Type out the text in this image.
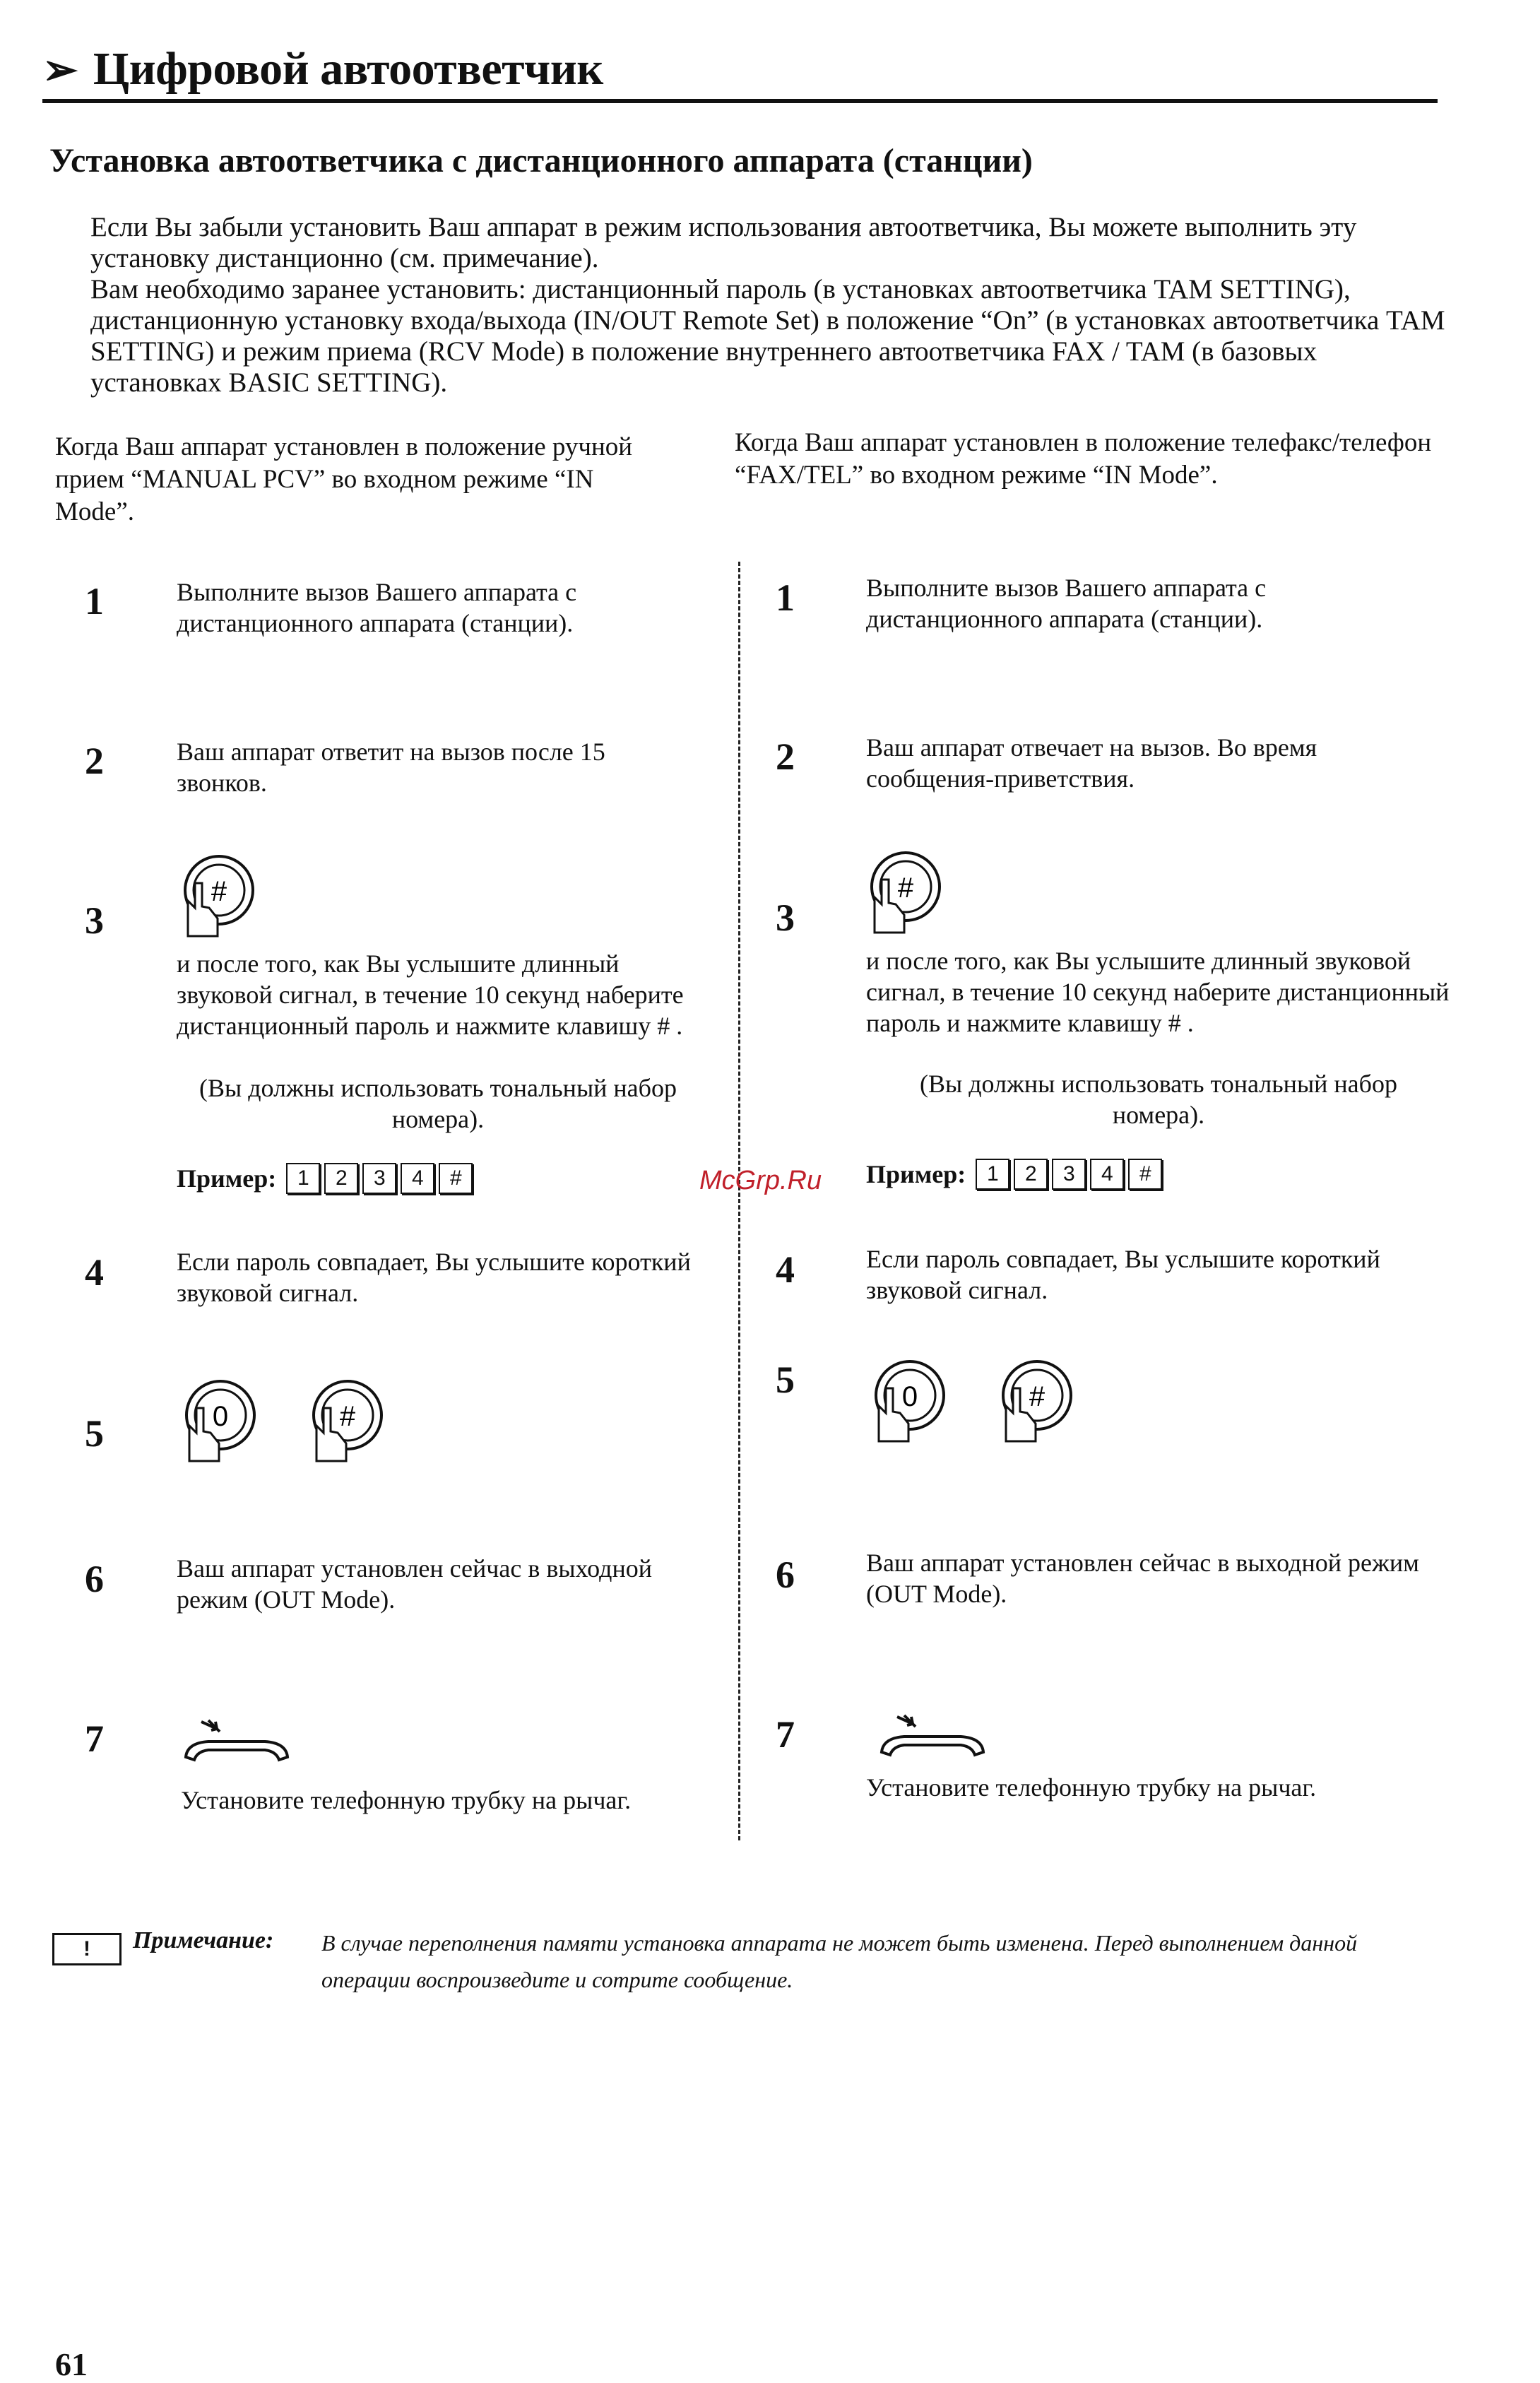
➢ Цифровой автоответчик
Установка автоответчика с дистанционного аппарата (станции)

Если Вы забыли установить Ваш аппарат в режим использования автоответчика, Вы можете выполнить эту установку дистанционно (см. примечание).

Вам необходимо заранее установить: дистанционный пароль (в установках автоответчика TAM SETTING), дистанционную установку входа/выхода (IN/OUT Remote Set) в положение “On” (в установках автоответчика TAM SETTING) и режим приема (RCV Mode) в положение внутреннего автоответчика FAX / TAM (в базовых установках BASIC SETTING).

Когда Ваш аппарат установлен в положение ручной прием “MANUAL PCV” во входном режиме “IN Mode”.
Когда Ваш аппарат установлен в положение телефакс/телефон “FAX/TEL” во входном режиме “IN Mode”.
1	Выполните вызов Вашего аппарата с дистанционного аппарата (станции).
2	Ваш аппарат ответит на вызов после 15 звонков.
3
#
и после того, как Вы услышите длинный звуковой сигнал, в течение 10 секунд наберите дистанционный пароль и нажмите клавишу # .
(Вы должны использовать тональный набор номера).
Пример: 1	2	3	4	#
4	Если пароль совпадает, Вы услышите короткий звуковой сигнал.
5	0	#
6	Ваш аппарат установлен сейчас в выходной режим (OUT Mode).
7
Установите телефонную трубку на рычаг.
1	Выполните вызов Вашего аппарата с дистанционного аппарата (станции).
2	Ваш аппарат отвечает на вызов. Во время сообщения-приветствия.
3
#
и после того, как Вы услышите длинный звуковой сигнал, в течение 10 секунд наберите дистанционный пароль и нажмите клавишу # .
(Вы должны использовать тональный набор номера).
Пример: 1	2	3	4	#
4	Если пароль совпадает, Вы услышите короткий звуковой сигнал.
5	0	#
6	Ваш аппарат установлен сейчас в выходной режим (OUT Mode).
7
Установите телефонную трубку на рычаг.
McGrp.Ru
!	Примечание: В случае переполнения памяти установка аппарата не может быть изменена. Перед выполнением данной операции воспроизведите и сотрите сообщение.
61
